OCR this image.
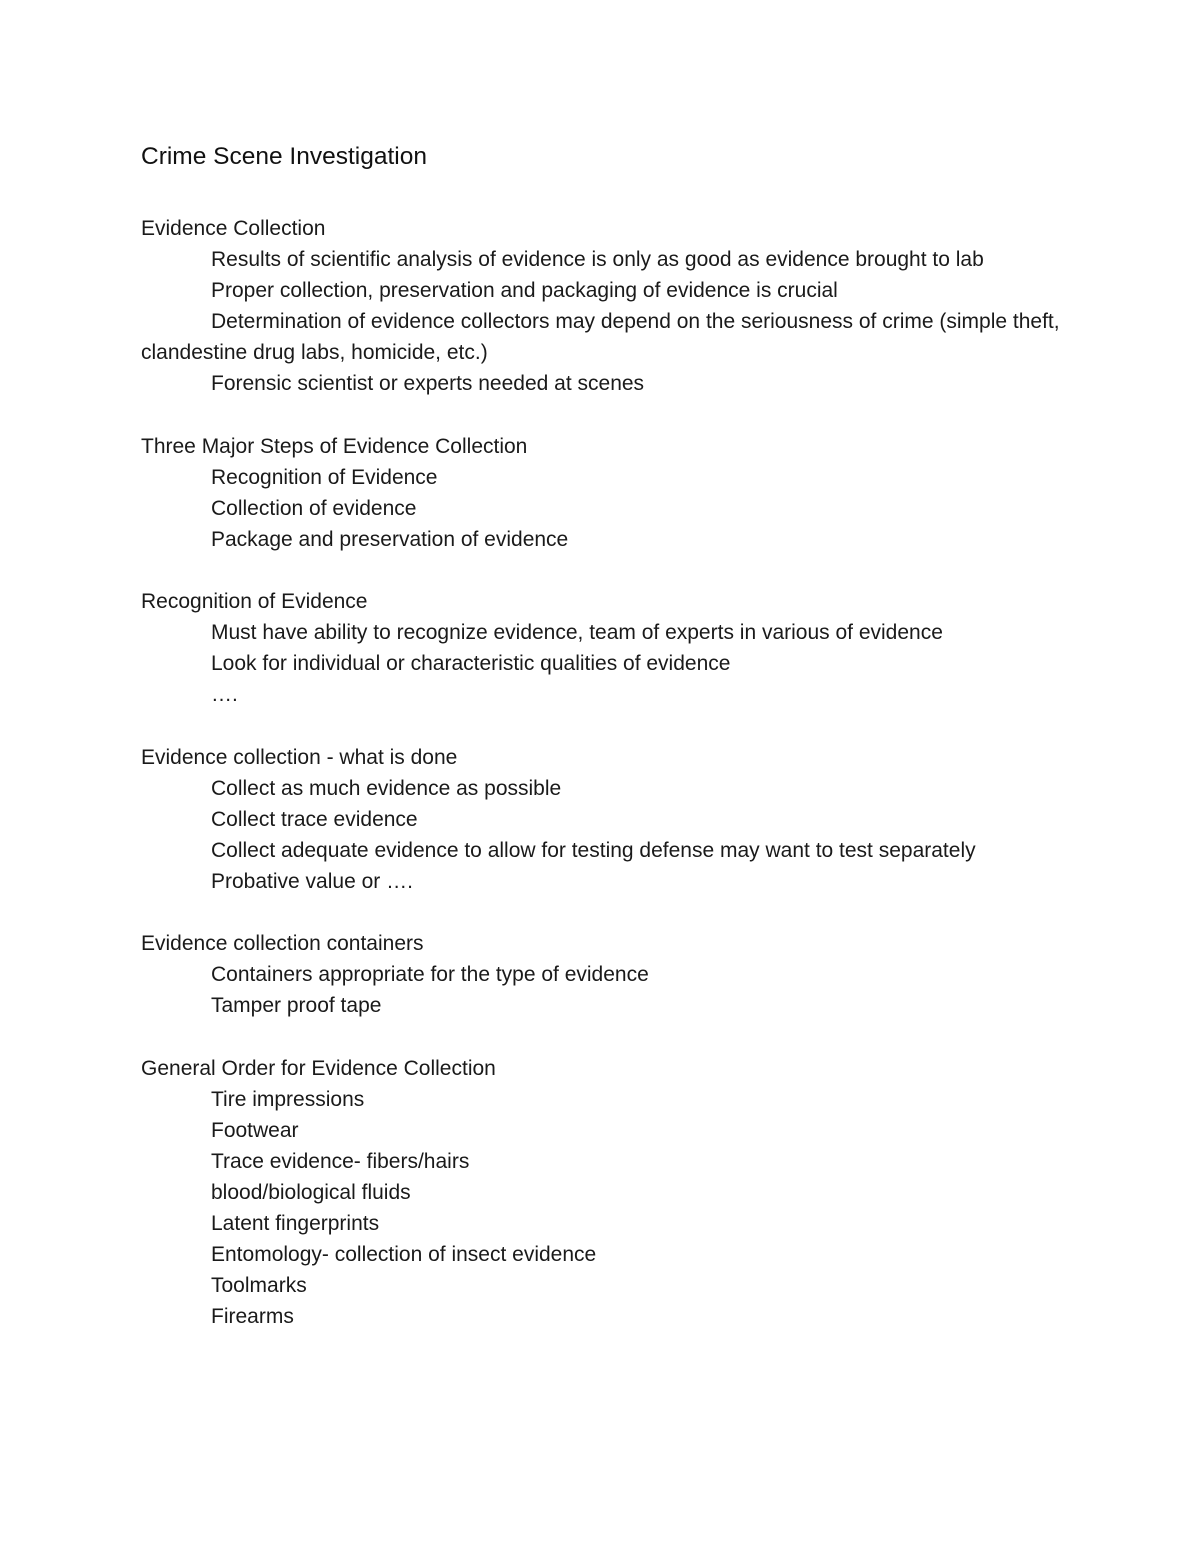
Crime Scene Investigation
Evidence Collection
Results of scientific analysis of evidence is only as good as evidence brought to lab
Proper collection, preservation and packaging of evidence is crucial
Determination of evidence collectors may depend on the seriousness of crime (simple theft, clandestine drug labs, homicide, etc.)
Forensic scientist or experts needed at scenes
Three Major Steps of Evidence Collection
Recognition of Evidence
Collection of evidence
Package and preservation of evidence
Recognition of Evidence
Must have ability to recognize evidence, team of experts in various of evidence
Look for individual or characteristic qualities of evidence
….
Evidence collection - what is done
Collect as much evidence as possible
Collect trace evidence
Collect adequate evidence to allow for testing defense may want to test separately
Probative value or ….
Evidence collection containers
Containers appropriate for the type of evidence
Tamper proof tape
General Order for Evidence Collection
Tire impressions
Footwear
Trace evidence- fibers/hairs
blood/biological fluids
Latent fingerprints
Entomology- collection of insect evidence
Toolmarks
Firearms
